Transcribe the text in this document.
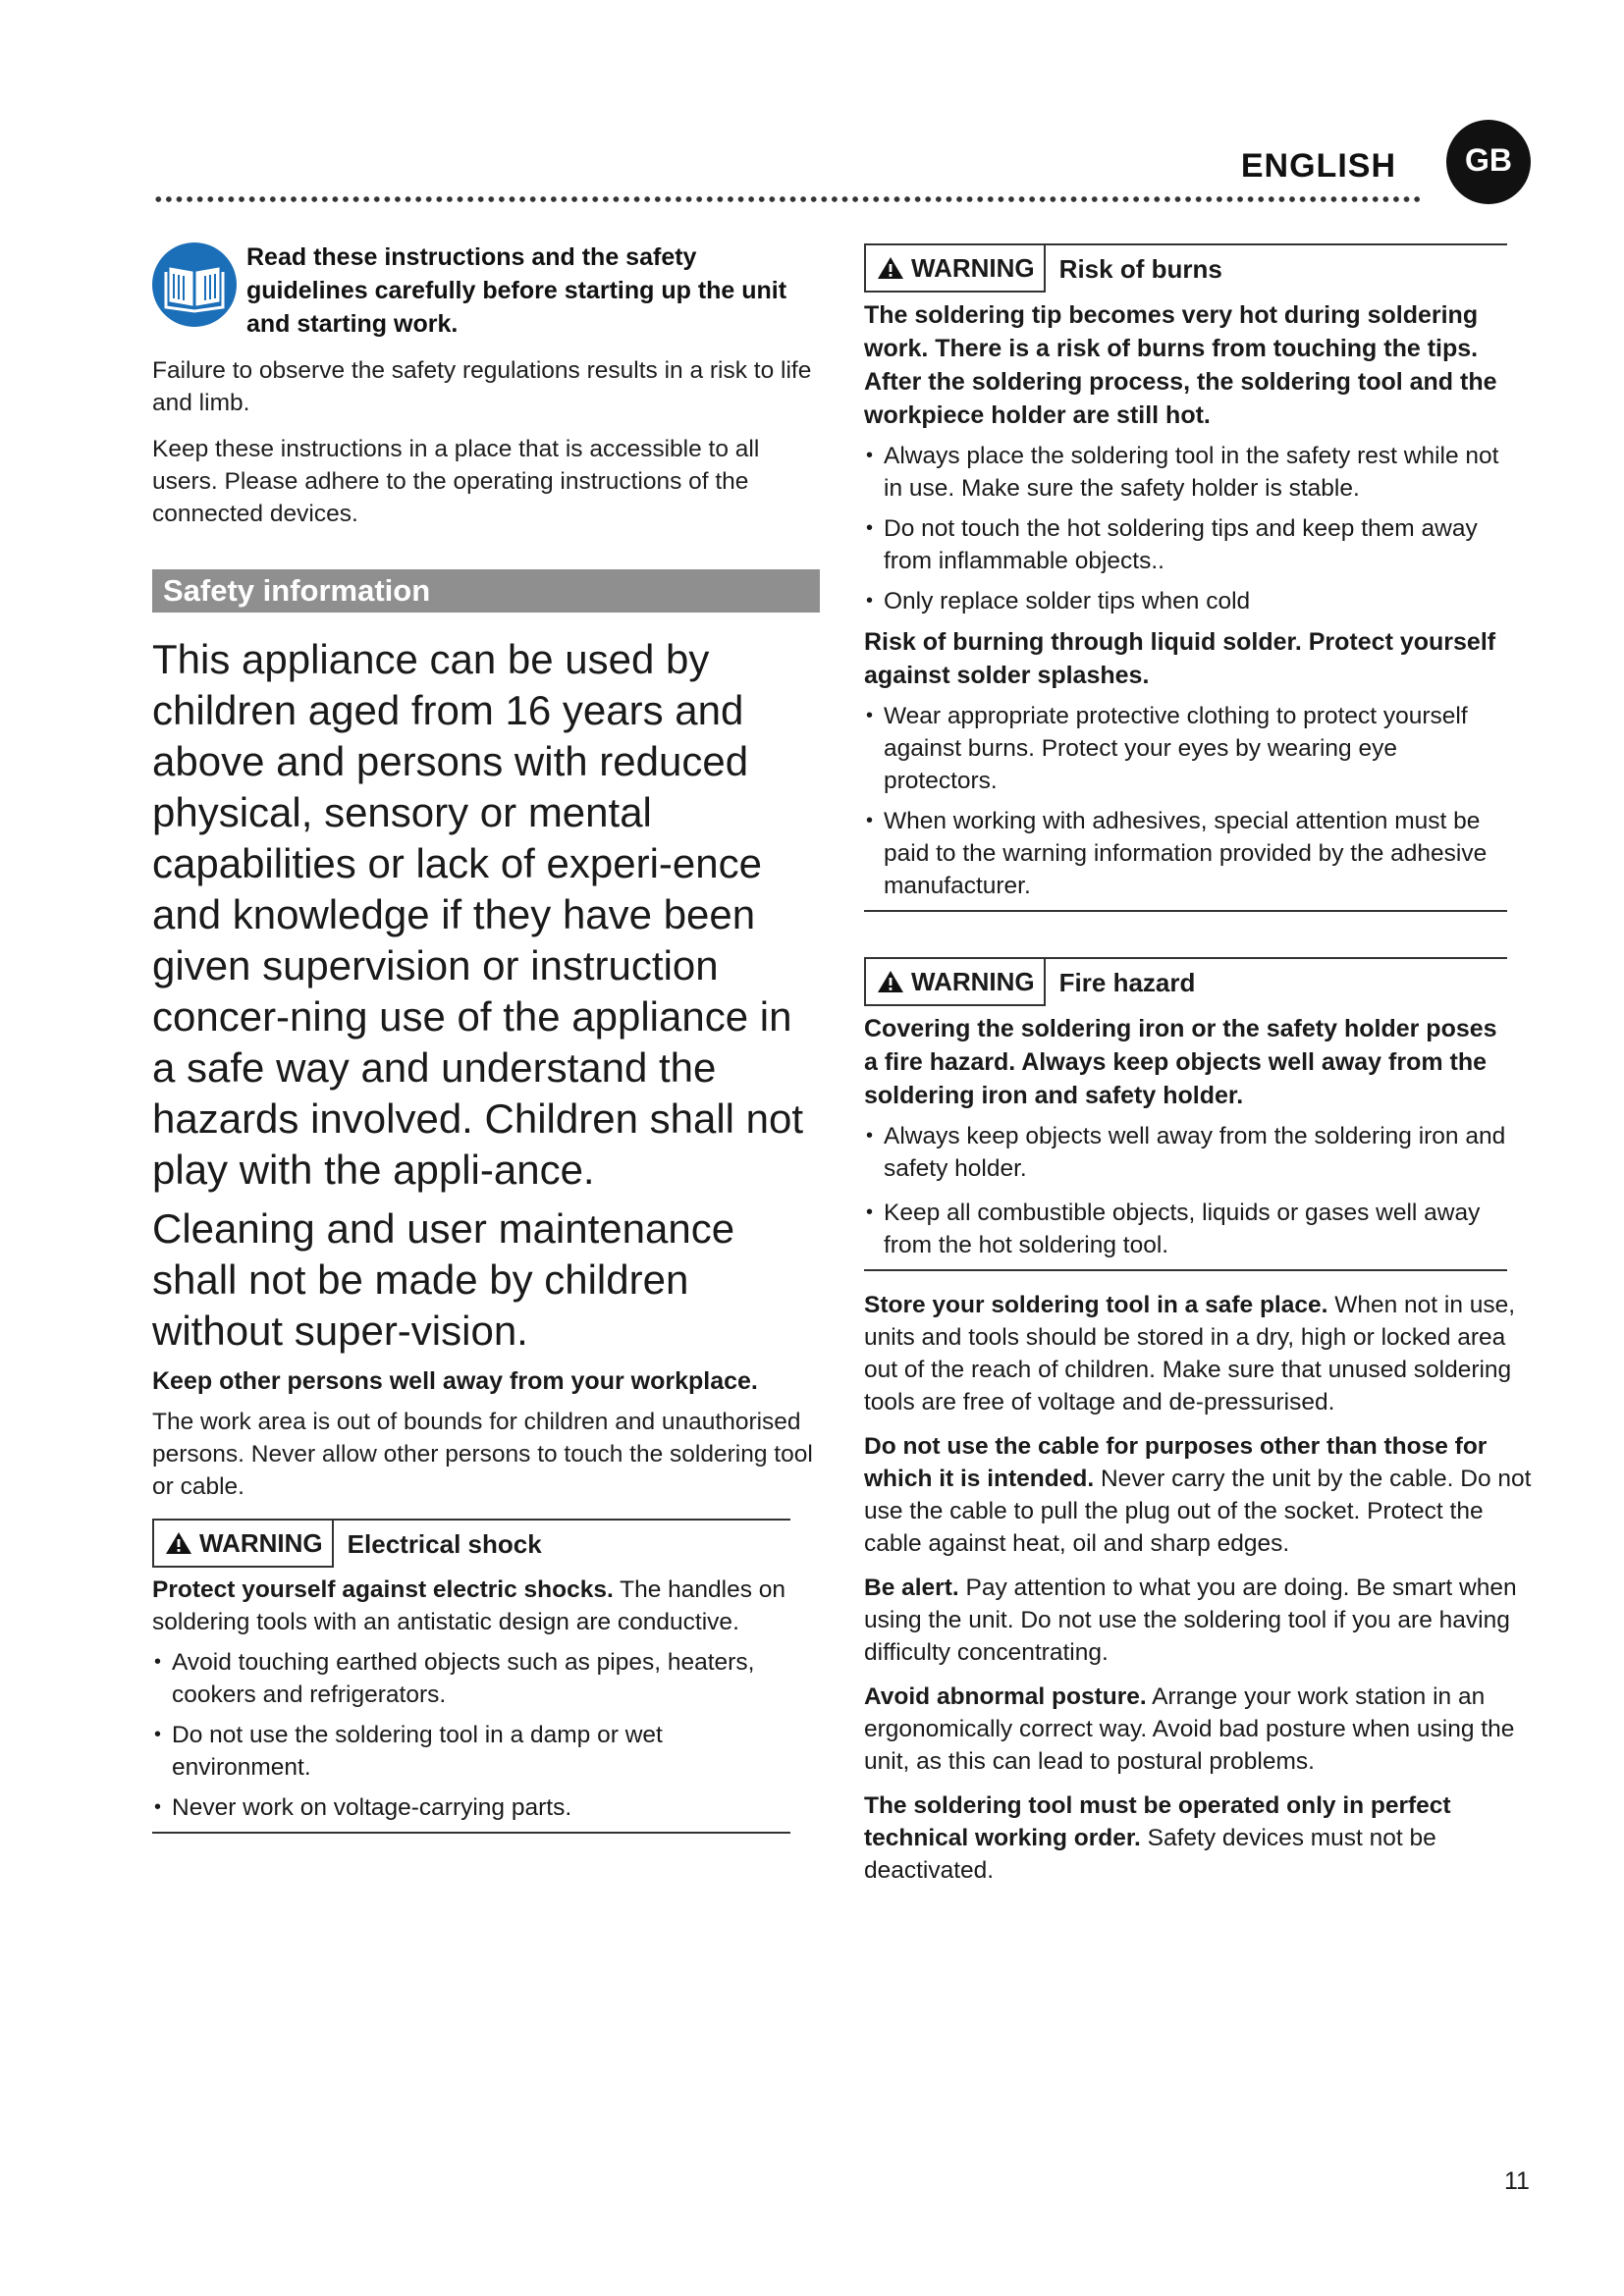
ENGLISH	GB
Read these instructions and the safety guidelines carefully before starting up the unit and starting work.

Failure to observe the safety regulations results in a risk to life and limb.

Keep these instructions in a place that is accessible to all users. Please adhere to the operating instructions of the connected devices.

Safety information

This appliance can be used by children aged from 16 years and above and persons with reduced physical, sensory or mental capabilities or lack of experi-ence and knowledge if they have been given supervision or instruction concer-ning use of the appliance in a safe way and understand the hazards involved. Children shall not play with the appli-ance.

Cleaning and user maintenance shall not be made by children without super-vision.

Keep other persons well away from your workplace.

The work area is out of bounds for children and unauthorised persons. Never allow other persons to touch the soldering tool or cable.

WARNING Electrical shock

Protect yourself against electric shocks. The handles on soldering tools with an antistatic design are conductive.

• Avoid touching earthed objects such as pipes, heaters, cookers and refrigerators.
• Do not use the soldering tool in a damp or wet environment.
• Never work on voltage-carrying parts.
WARNING Risk of burns

The soldering tip becomes very hot during soldering work. There is a risk of burns from touching the tips. After the soldering process, the soldering tool and the workpiece holder are still hot.

• Always place the soldering tool in the safety rest while not in use. Make sure the safety holder is stable.
• Do not touch the hot soldering tips and keep them away from inflammable objects..
• Only replace solder tips when cold

Risk of burning through liquid solder. Protect yourself against solder splashes.

• Wear appropriate protective clothing to protect yourself against burns. Protect your eyes by wearing eye protectors.
• When working with adhesives, special attention must be paid to the warning information provided by the adhesive manufacturer.
WARNING Fire hazard

Covering the soldering iron or the safety holder poses a fire hazard. Always keep objects well away from the soldering iron and safety holder.

• Always keep objects well away from the soldering iron and safety holder.
• Keep all combustible objects, liquids or gases well away from the hot soldering tool.

Store your soldering tool in a safe place. When not in use, units and tools should be stored in a dry, high or locked area out of the reach of children. Make sure that unused soldering tools are free of voltage and de-pressurised.

Do not use the cable for purposes other than those for which it is intended. Never carry the unit by the cable. Do not use the cable to pull the plug out of the socket. Protect the cable against heat, oil and sharp edges.

Be alert. Pay attention to what you are doing. Be smart when using the unit. Do not use the soldering tool if you are having difficulty concentrating.

Avoid abnormal posture. Arrange your work station in an ergonomically correct way. Avoid bad posture when using the unit, as this can lead to postural problems.

The soldering tool must be operated only in perfect technical working order. Safety devices must not be deactivated.

11
